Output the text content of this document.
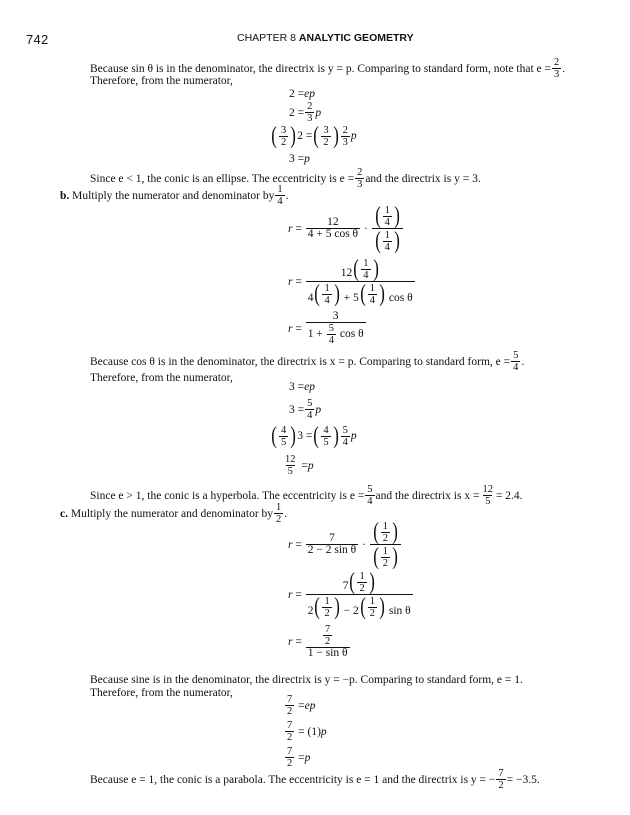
742	CHAPTER 8 ANALYTIC GEOMETRY
Because sin θ is in the denominator, the directrix is y = p. Comparing to standard form, note that $e = \frac{2}{3}$ .
Therefore, from the numerator,
2 = ep
$2 = \frac{2}{3}$ p
( $\frac{3}{2}$ ) 2 = ( $\frac{3}{2}$ ) $\frac{2}{3}$ p
3 = p
Since e < 1, the conic is an ellipse. The eccentricity is $e = \frac{2}{3}$ and the directrix is y = 3.
b.
Multiply the numerator and denominator by $\frac{1}{4}$ .
$r = \frac{12}{\text{4 + 5 cos θ}} \cdot \frac{( \frac{1}{4} )}{( \frac{1}{4} )}$
$r = \frac{12 ( \frac{1}{4} )}{4 ( \frac{1}{4} ) + 5 ( \frac{1}{4} ) \cos \theta}$
$r = \frac{3}{1 + \frac{5}{4} \cos \theta}$
Because cos θ is in the denominator, the directrix is x = p. Comparing to standard form, $e = \frac{5}{4}$ .
Therefore, from the numerator,
3 = ep
$3 = \frac{5}{4}$ p
( $\frac{4}{5}$ ) 3 = ( $\frac{4}{5}$ ) $\frac{5}{4}$ p
$\frac{12}{5} = p$
Since e > 1, the conic is a hyperbola. The eccentricity is $e = \frac{5}{4}$ and the directrix is $x = \frac{12}{5} = 2.4$.
c.
Multiply the numerator and denominator by $\frac{1}{2}$ .
$r = \frac{7}{\text{2 − 2 sin θ}} \cdot \frac{( \frac{1}{2} )}{( \frac{1}{2} )}$
$r = \frac{7 ( \frac{1}{2} )}{2 ( \frac{1}{2} ) - 2 ( \frac{1}{2} ) \sin \theta}$
$r = \frac{\frac{7}{2}}{\text{1 − sin θ}}$
Because sine is in the denominator, the directrix is y = −p. Comparing to standard form, e = 1.
Therefore, from the numerator,
$\frac{7}{2}$ = ep
$\frac{7}{2} = (1)$ p
$\frac{7}{2} = p$
Because e = 1, the conic is a parabola. The eccentricity is e = 1 and the directrix is y = − $\frac{7}{2} = -3.5$.
